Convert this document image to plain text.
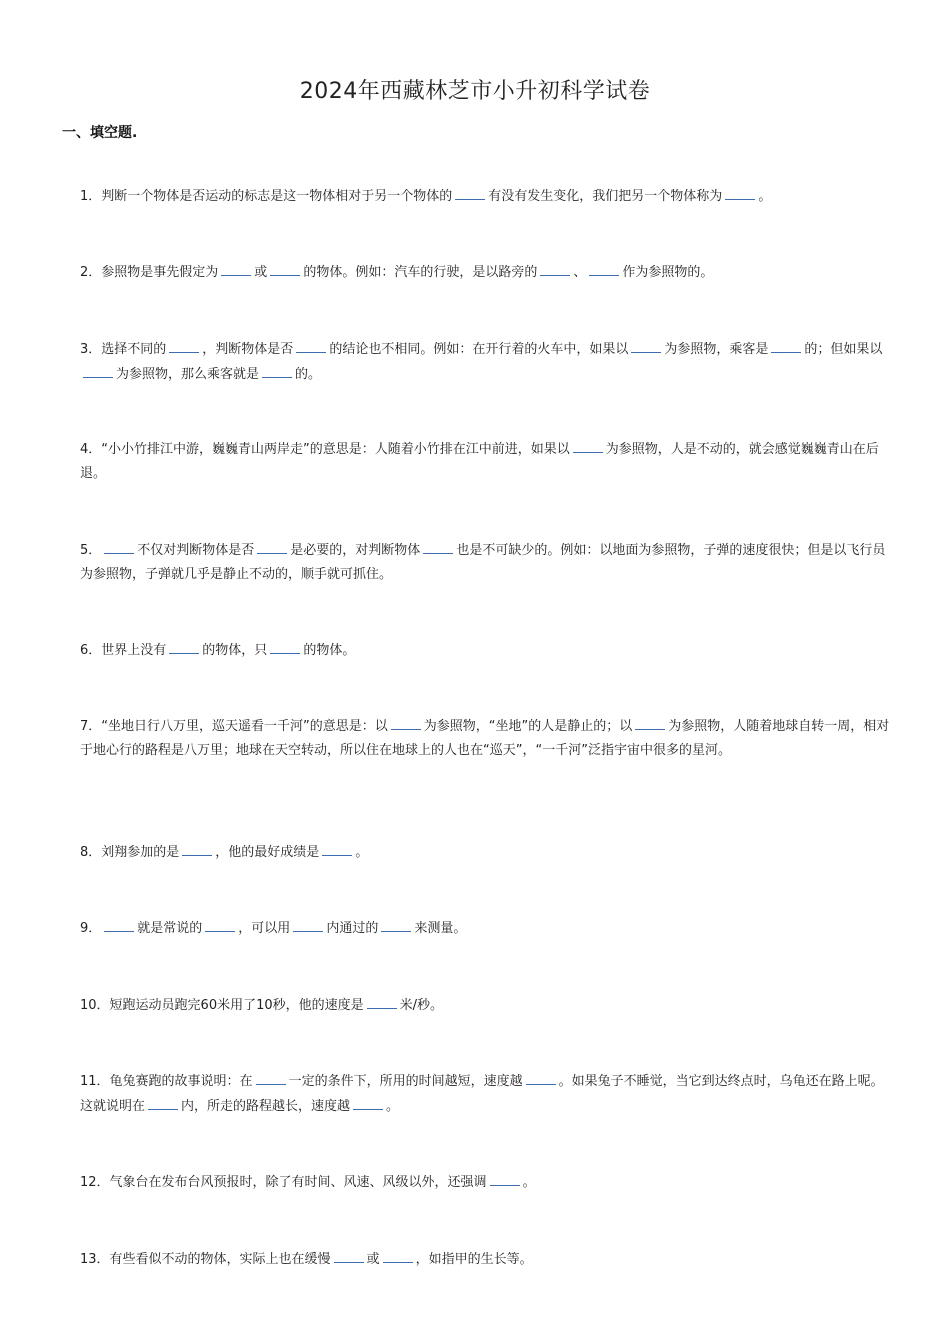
2024年西藏林芝市小升初科学试卷
一、填空题.
1．判断一个物体是否运动的标志是这一物体相对于另一个物体的	有没有发生变化，我们把另一个物体称为	。
2．参照物是事先假定为	或	的物体。例如：汽车的行驶，是以路旁的	、	作为参照物的。
3．选择不同的	，判断物体是否	的结论也不相同。例如：在开行着的火车中，如果以	为参照物，乘客是	的；但如果以为参照物，那么乘客就是	的。
4．“小小竹排江中游，巍巍青山两岸走”的意思是：人随着小竹排在江中前进，如果以	为参照物，人是不动的，就会感觉巍巍青山在后退。
5．	不仅对判断物体是否	是必要的，对判断物体	也是不可缺少的。例如：以地面为参照物，子弹的速度很快；但是以飞行员为参照物，子弹就几乎是静止不动的，顺手就可抓住。
6．世界上没有	的物体，只	的物体。
7．“坐地日行八万里，巡天遥看一千河”的意思是：以	为参照物，“坐地”的人是静止的；以	为参照物，人随着地球自转一周，相对于地心行的路程是八万里；地球在天空转动，所以住在地球上的人也在“巡天”，“一千河”泛指宇宙中很多的星河。
8．刘翔参加的是	，他的最好成绩是	。
9．	就是常说的	，可以用	内通过的	来测量。
10．短跑运动员跑完60米用了10秒，他的速度是	米/秒。
11．龟兔赛跑的故事说明：在	一定的条件下，所用的时间越短，速度越	。如果兔子不睡觉，当它到达终点时，乌龟还在路上呢。这就说明在	内，所走的路程越长，速度越	。
12．气象台在发布台风预报时，除了有时间、风速、风级以外，还强调	。
13．有些看似不动的物体，实际上也在缓慢	或	，如指甲的生长等。
